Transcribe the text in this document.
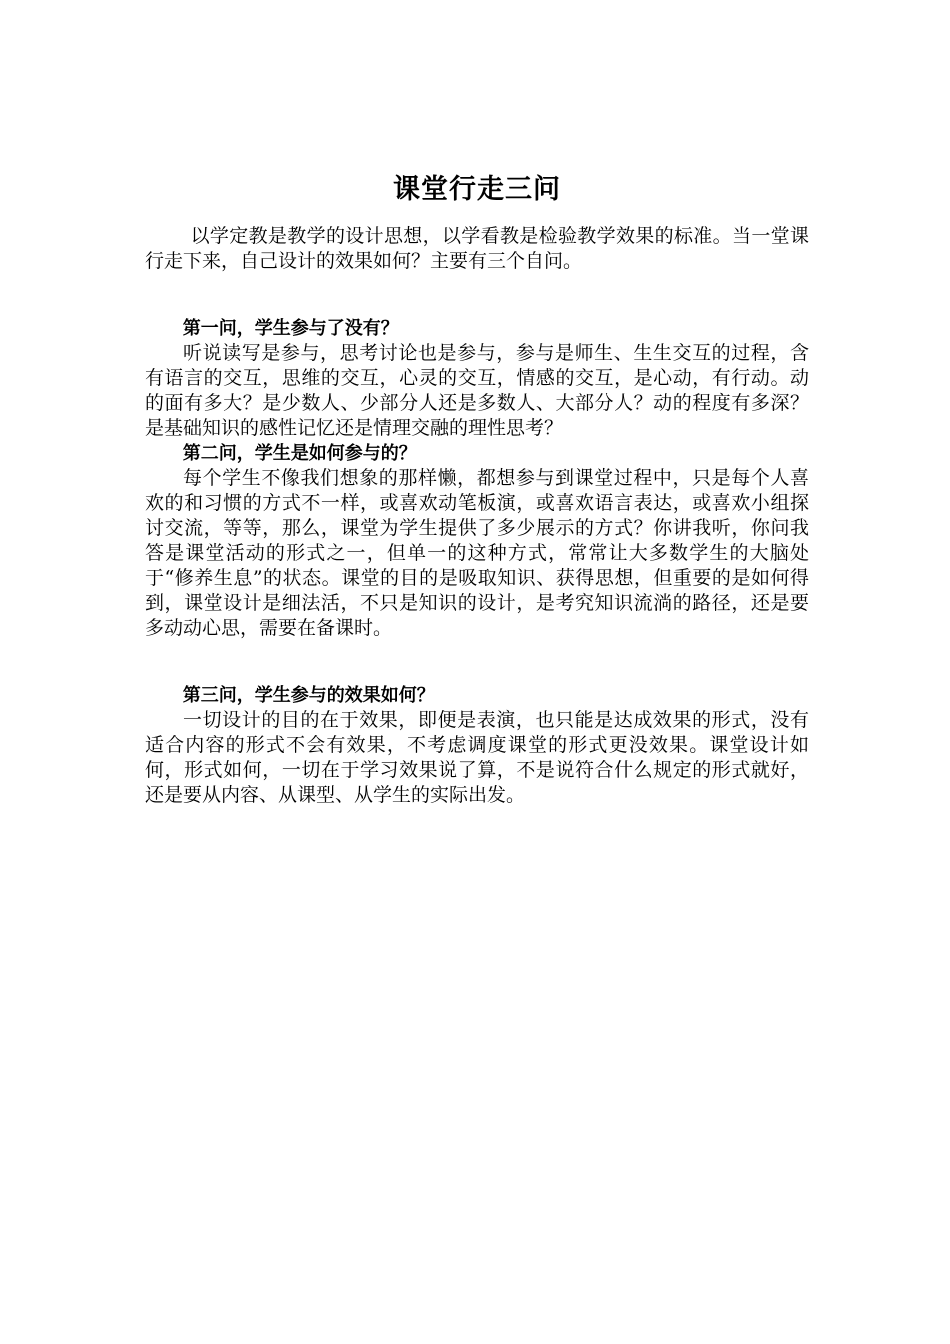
课堂行走三问

以学定教是教学的设计思想，以学看教是检验教学效果的标准。当一堂课行走下来，自己设计的效果如何？主要有三个自问。

第一问，学生参与了没有？

听说读写是参与，思考讨论也是参与，参与是师生、生生交互的过程，含有语言的交互，思维的交互，心灵的交互，情感的交互，是心动，有行动。动的面有多大？是少数人、少部分人还是多数人、大部分人？动的程度有多深？是基础知识的感性记忆还是情理交融的理性思考？

第二问，学生是如何参与的？

每个学生不像我们想象的那样懒，都想参与到课堂过程中，只是每个人喜欢的和习惯的方式不一样，或喜欢动笔板演，或喜欢语言表达，或喜欢小组探讨交流，等等，那么，课堂为学生提供了多少展示的方式？你讲我听，你问我答是课堂活动的形式之一，但单一的这种方式，常常让大多数学生的大脑处于“修养生息”的状态。课堂的目的是吸取知识、获得思想，但重要的是如何得到，课堂设计是细法活，不只是知识的设计，是考究知识流淌的路径，还是要多动动心思，需要在备课时。

第三问，学生参与的效果如何？

一切设计的目的在于效果，即便是表演，也只能是达成效果的形式，没有适合内容的形式不会有效果，不考虑调度课堂的形式更没效果。课堂设计如何，形式如何，一切在于学习效果说了算，不是说符合什么规定的形式就好，还是要从内容、从课型、从学生的实际出发。
